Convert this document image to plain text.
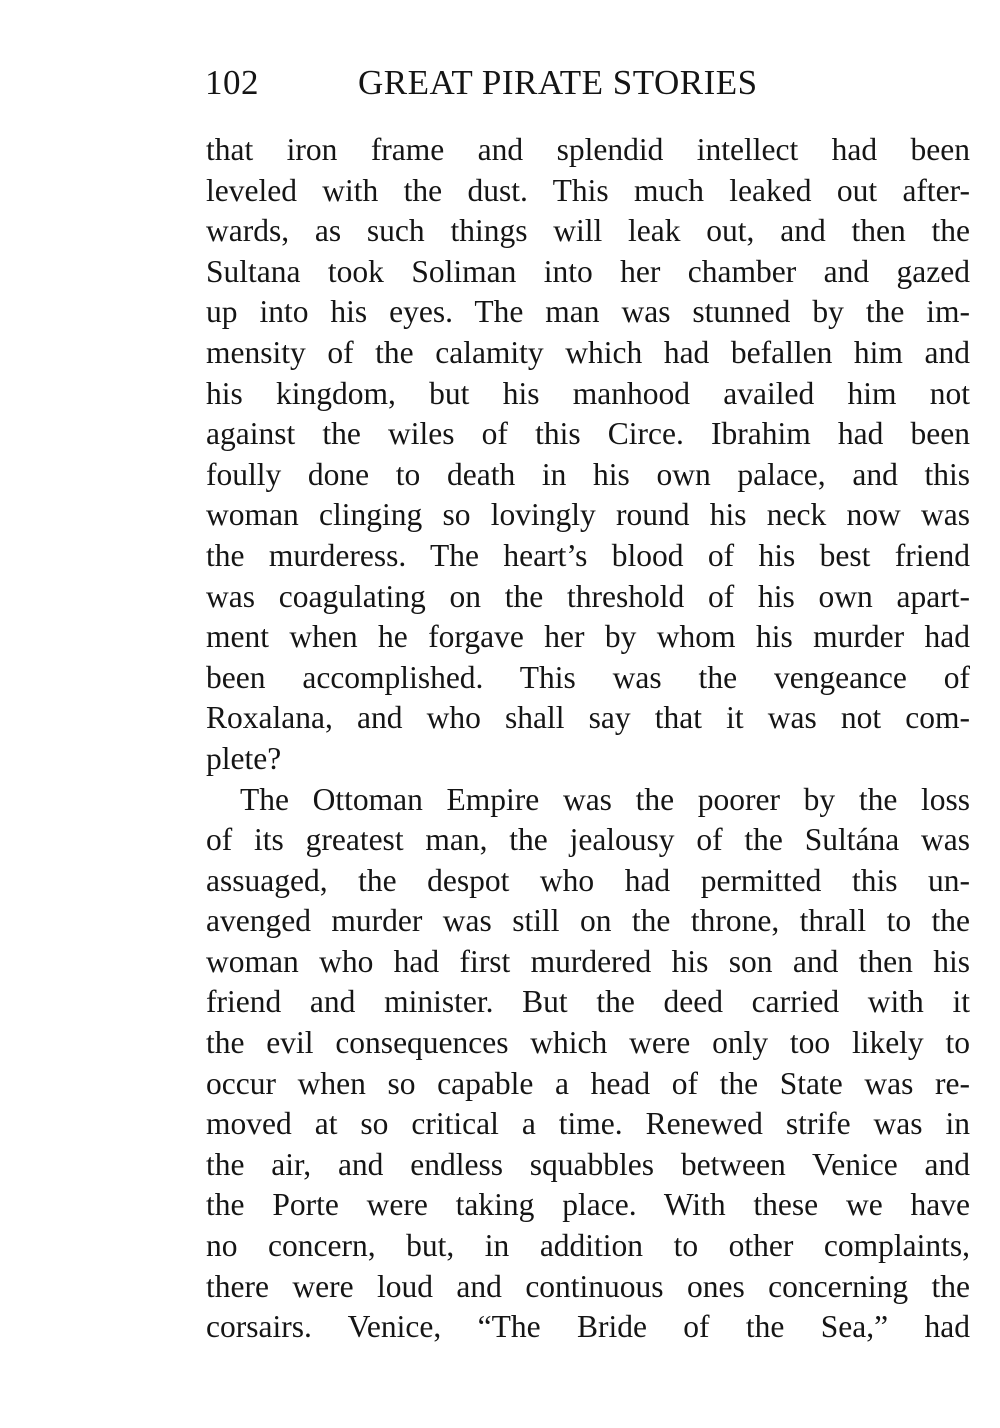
102	GREAT PIRATE STORIES
that iron frame and splendid intellect had been
leveled with the dust. This much leaked out after-
wards, as such things will leak out, and then the
Sultana took Soliman into her chamber and gazed
up into his eyes. The man was stunned by the im-
mensity of the calamity which had befallen him and
his kingdom, but his manhood availed him not
against the wiles of this Circe. Ibrahim had been
foully done to death in his own palace, and this
woman clinging so lovingly round his neck now was
the murderess. The heart’s blood of his best friend
was coagulating on the threshold of his own apart-
ment when he forgave her by whom his murder had
been accomplished. This was the vengeance of
Roxalana, and who shall say that it was not com-
plete?
The Ottoman Empire was the poorer by the loss
of its greatest man, the jealousy of the Sultána was
assuaged, the despot who had permitted this un-
avenged murder was still on the throne, thrall to the
woman who had first murdered his son and then his
friend and minister. But the deed carried with it
the evil consequences which were only too likely to
occur when so capable a head of the State was re-
moved at so critical a time. Renewed strife was in
the air, and endless squabbles between Venice and
the Porte were taking place. With these we have
no concern, but, in addition to other complaints,
there were loud and continuous ones concerning the
corsairs. Venice, “The Bride of the Sea,” had
